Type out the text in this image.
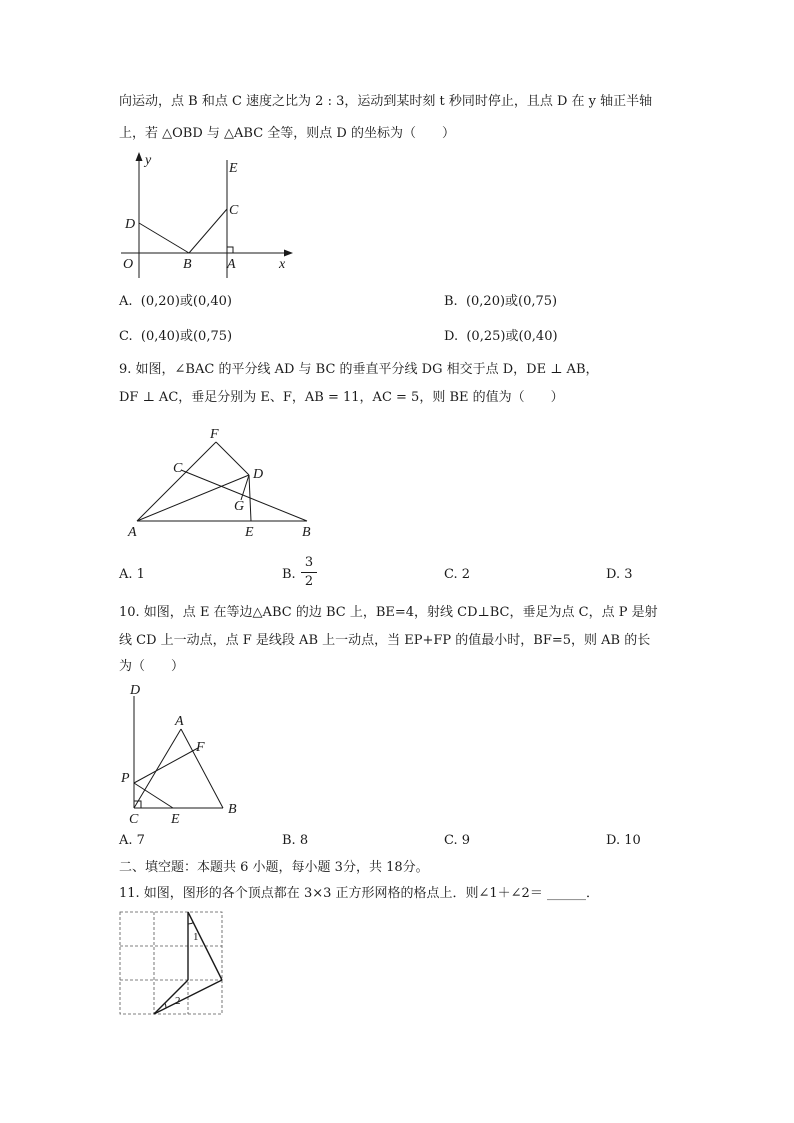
向运动，点 B 和点 C 速度之比为 2 : 3，运动到某时刻 t 秒同时停止，且点 D 在 y 轴正半轴
上，若 △OBD 与 △ABC 全等，则点 D 的坐标为（　　）
y
E
C
D
O	B	A	x
A. (0,20)或(0,40)	B. (0,20)或(0,75)
C. (0,40)或(0,75)	D. (0,25)或(0,40)
9. 如图，∠BAC 的平分线 AD 与 BC 的垂直平分线 DG 相交于点 D，DE ⊥ AB，
DF ⊥ AC，垂足分别为 E、F，AB = 11，AC = 5，则 BE 的值为（　　）
F
C	D
G
A	E	B
A. 1	B.
3
2	C. 2	D. 3
10. 如图，点 E 在等边△ABC 的边 BC 上，BE=4，射线 CD⊥BC，垂足为点 C，点 P 是射
线 CD 上一动点，点 F 是线段 AB 上一动点，当 EP+FP 的值最小时，BF=5，则 AB 的长
为（　　）
D
A
F
P
C E
B
A. 7	B. 8	C. 9	D. 10
二、填空题：本题共 6 小题，每小题 3分，共 18分。
11. 如图，图形的各个顶点都在 3×3 正方形网格的格点上．则∠1＋∠2＝ ______．
1
2
